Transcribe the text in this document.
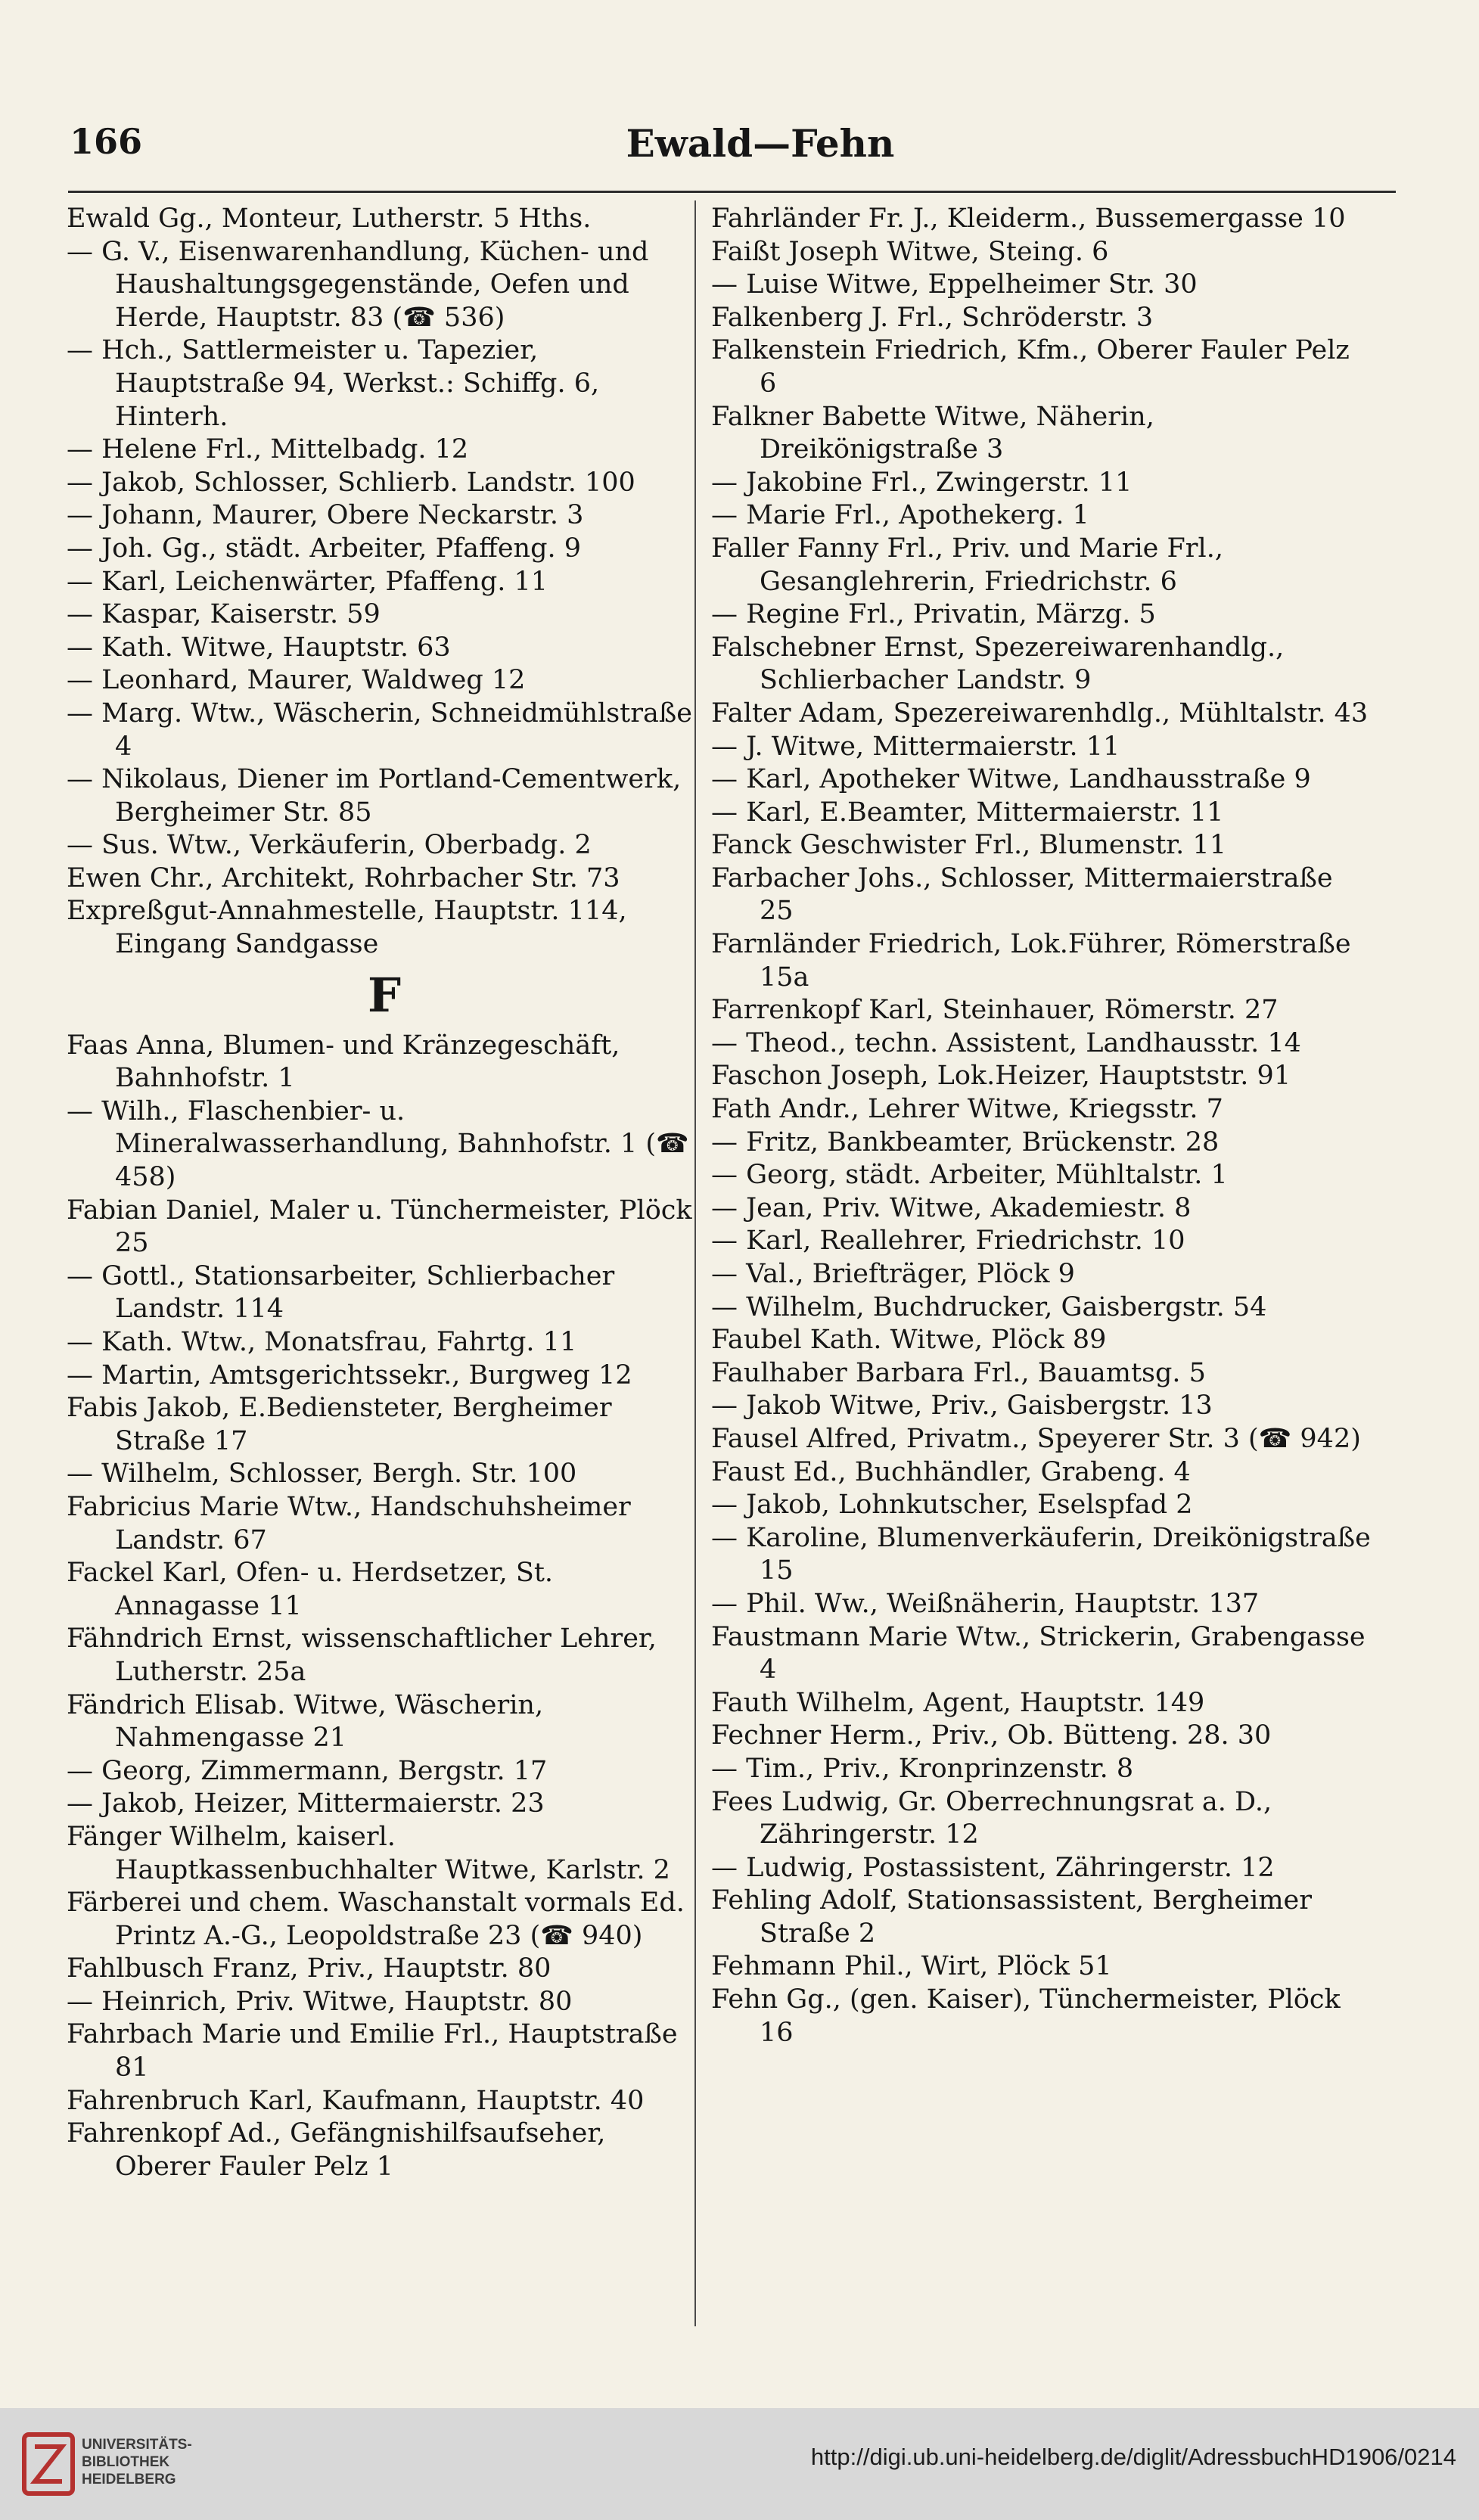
166	Ewald—Fehn
Ewald Gg., Monteur, Lutherstr. 5 Hths.
— G. V., Eisenwarenhandlung, Küchen- und Haushaltungsgegenstände, Oefen und Herde, Hauptstr. 83 (☎ 536)
— Hch., Sattlermeister u. Tapezier, Hauptstraße 94, Werkst.: Schiffg. 6, Hinterh.
— Helene Frl., Mittelbadg. 12
— Jakob, Schlosser, Schlierb. Landstr. 100
— Johann, Maurer, Obere Neckarstr. 3
— Joh. Gg., städt. Arbeiter, Pfaffeng. 9
— Karl, Leichenwärter, Pfaffeng. 11
— Kaspar, Kaiserstr. 59
— Kath. Witwe, Hauptstr. 63
— Leonhard, Maurer, Waldweg 12
— Marg. Wtw., Wäscherin, Schneidmühlstraße 4
— Nikolaus, Diener im Portland-Cementwerk, Bergheimer Str. 85
— Sus. Wtw., Verkäuferin, Oberbadg. 2
Ewen Chr., Architekt, Rohrbacher Str. 73
Expreßgut-Annahmestelle, Hauptstr. 114, Eingang Sandgasse
F
Faas Anna, Blumen- und Kränzegeschäft, Bahnhofstr. 1
— Wilh., Flaschenbier- u. Mineralwasserhandlung, Bahnhofstr. 1 (☎ 458)
Fabian Daniel, Maler u. Tünchermeister, Plöck 25
— Gottl., Stationsarbeiter, Schlierbacher Landstr. 114
— Kath. Wtw., Monatsfrau, Fahrtg. 11
— Martin, Amtsgerichtssekr., Burgweg 12
Fabis Jakob, E.Bediensteter, Bergheimer Straße 17
— Wilhelm, Schlosser, Bergh. Str. 100
Fabricius Marie Wtw., Handschuhsheimer Landstr. 67
Fackel Karl, Ofen- u. Herdsetzer, St. Annagasse 11
Fähndrich Ernst, wissenschaftlicher Lehrer, Lutherstr. 25a
Fändrich Elisab. Witwe, Wäscherin, Nahmengasse 21
— Georg, Zimmermann, Bergstr. 17
— Jakob, Heizer, Mittermaierstr. 23
Fänger Wilhelm, kaiserl. Hauptkassenbuchhalter Witwe, Karlstr. 2
Färberei und chem. Waschanstalt vormals Ed. Printz A.-G., Leopoldstraße 23 (☎ 940)
Fahlbusch Franz, Priv., Hauptstr. 80
— Heinrich, Priv. Witwe, Hauptstr. 80
Fahrbach Marie und Emilie Frl., Hauptstraße 81
Fahrenbruch Karl, Kaufmann, Hauptstr. 40
Fahrenkopf Ad., Gefängnishilfsaufseher, Oberer Fauler Pelz 1
Fahrländer Fr. J., Kleiderm., Bussemergasse 10
Faißt Joseph Witwe, Steing. 6
— Luise Witwe, Eppelheimer Str. 30
Falkenberg J. Frl., Schröderstr. 3
Falkenstein Friedrich, Kfm., Oberer Fauler Pelz 6
Falkner Babette Witwe, Näherin, Dreikönigstraße 3
— Jakobine Frl., Zwingerstr. 11
— Marie Frl., Apothekerg. 1
Faller Fanny Frl., Priv. und Marie Frl., Gesanglehrerin, Friedrichstr. 6
— Regine Frl., Privatin, Märzg. 5
Falschebner Ernst, Spezereiwarenhandlg., Schlierbacher Landstr. 9
Falter Adam, Spezereiwarenhdlg., Mühltalstr. 43
— J. Witwe, Mittermaierstr. 11
— Karl, Apotheker Witwe, Landhausstraße 9
— Karl, E.Beamter, Mittermaierstr. 11
Fanck Geschwister Frl., Blumenstr. 11
Farbacher Johs., Schlosser, Mittermaierstraße 25
Farnländer Friedrich, Lok.Führer, Römerstraße 15a
Farrenkopf Karl, Steinhauer, Römerstr. 27
— Theod., techn. Assistent, Landhausstr. 14
Faschon Joseph, Lok.Heizer, Hauptststr. 91
Fath Andr., Lehrer Witwe, Kriegsstr. 7
— Fritz, Bankbeamter, Brückenstr. 28
— Georg, städt. Arbeiter, Mühltalstr. 1
— Jean, Priv. Witwe, Akademiestr. 8
— Karl, Reallehrer, Friedrichstr. 10
— Val., Briefträger, Plöck 9
— Wilhelm, Buchdrucker, Gaisbergstr. 54
Faubel Kath. Witwe, Plöck 89
Faulhaber Barbara Frl., Bauamtsg. 5
— Jakob Witwe, Priv., Gaisbergstr. 13
Fausel Alfred, Privatm., Speyerer Str. 3 (☎ 942)
Faust Ed., Buchhändler, Grabeng. 4
— Jakob, Lohnkutscher, Eselspfad 2
— Karoline, Blumenverkäuferin, Dreikönigstraße 15
— Phil. Ww., Weißnäherin, Hauptstr. 137
Faustmann Marie Wtw., Strickerin, Grabengasse 4
Fauth Wilhelm, Agent, Hauptstr. 149
Fechner Herm., Priv., Ob. Bütteng. 28. 30
— Tim., Priv., Kronprinzenstr. 8
Fees Ludwig, Gr. Oberrechnungsrat a. D., Zähringerstr. 12
— Ludwig, Postassistent, Zähringerstr. 12
Fehling Adolf, Stationsassistent, Bergheimer Straße 2
Fehmann Phil., Wirt, Plöck 51
Fehn Gg., (gen. Kaiser), Tünchermeister, Plöck 16
UNIVERSITÄTS-
BIBLIOTHEK
HEIDELBERG
http://digi.ub.uni-heidelberg.de/diglit/AdressbuchHD1906/0214
